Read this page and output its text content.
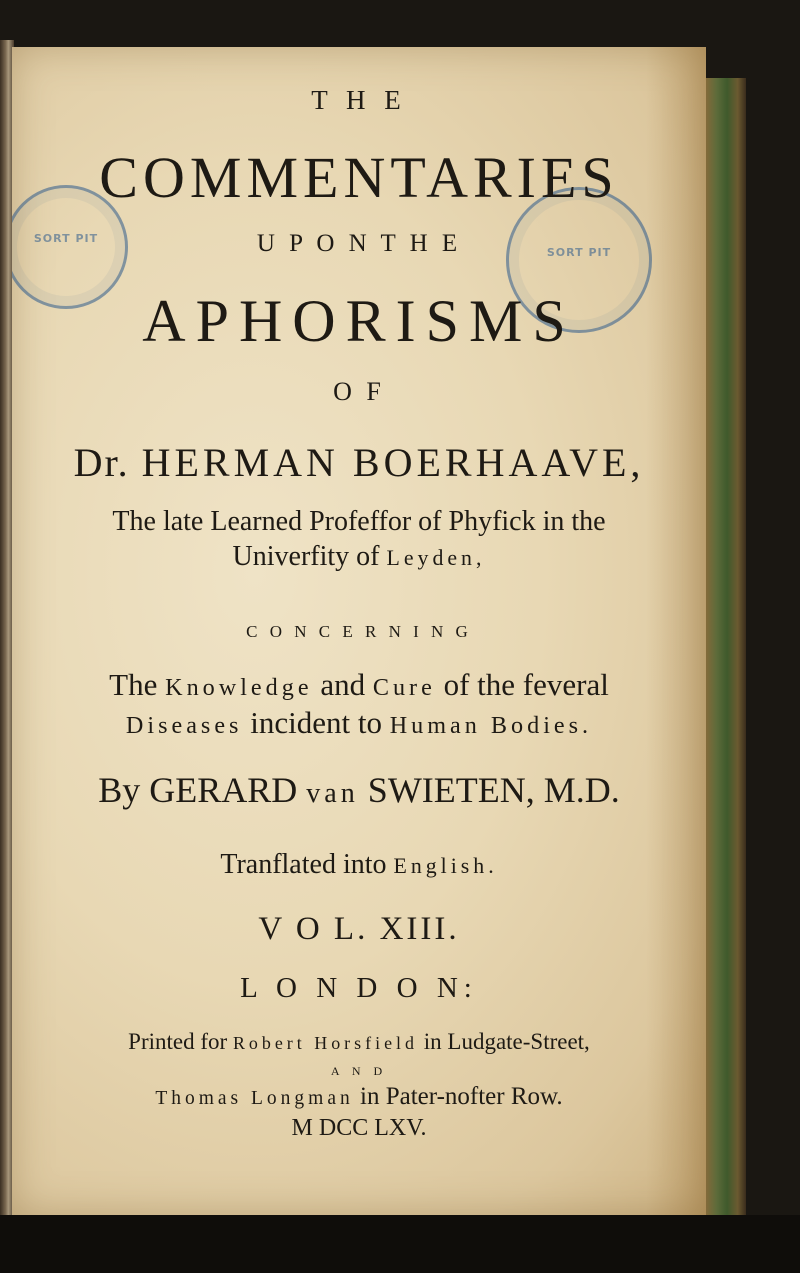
SORT PIT
SORT PIT
T H E
COMMENTARIES
U P O N T H E
APHORISMS
O F
Dr. HERMAN BOERHAAVE,
The late Learned Profeffor of Phyfick in the
Univerfity of Leyden,
C O N C E R N I N G
The Knowledge and Cure of the feveral
Diseases incident to Human Bodies.
By GERARD van SWIETEN, M.D.
Tranflated into English.
V O L. XIII.
L O N D O N:
Printed for Robert Horsfield in Ludgate-Street,
A N D
Thomas Longman in Pater-nofter Row.
M DCC LXV.
